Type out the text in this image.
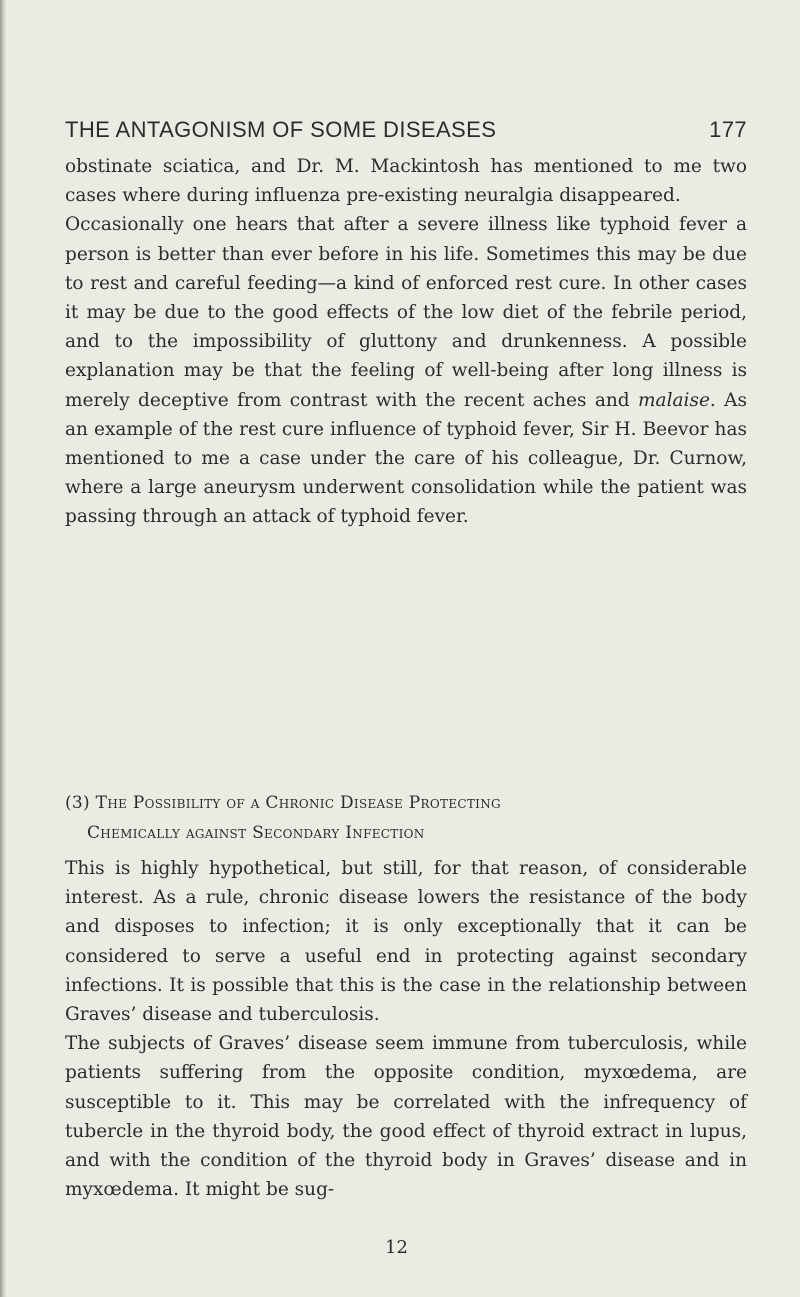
THE ANTAGONISM OF SOME DISEASES	177

obstinate sciatica, and Dr. M. Mackintosh has mentioned to me two cases where during influenza pre-existing neuralgia disappeared.

Occasionally one hears that after a severe illness like typhoid fever a person is better than ever before in his life. Sometimes this may be due to rest and careful feeding—a kind of enforced rest cure. In other cases it may be due to the good effects of the low diet of the febrile period, and to the impossibility of gluttony and drunkenness. A possible explanation may be that the feeling of well-being after long illness is merely deceptive from contrast with the recent aches and malaise. As an example of the rest cure influence of typhoid fever, Sir H. Beevor has mentioned to me a case under the care of his colleague, Dr. Curnow, where a large aneurysm underwent consolidation while the patient was passing through an attack of typhoid fever.

(3) The Possibility of a Chronic Disease Protecting
Chemically against Secondary Infection

This is highly hypothetical, but still, for that reason, of considerable interest. As a rule, chronic disease lowers the resistance of the body and disposes to infection; it is only exceptionally that it can be considered to serve a useful end in protecting against secondary infections. It is possible that this is the case in the relationship between Graves’ disease and tuberculosis.

The subjects of Graves’ disease seem immune from tuberculosis, while patients suffering from the opposite condition, myxœdema, are susceptible to it. This may be correlated with the infrequency of tubercle in the thyroid body, the good effect of thyroid extract in lupus, and with the condition of the thyroid body in Graves’ disease and in myxœdema. It might be sug-

12
